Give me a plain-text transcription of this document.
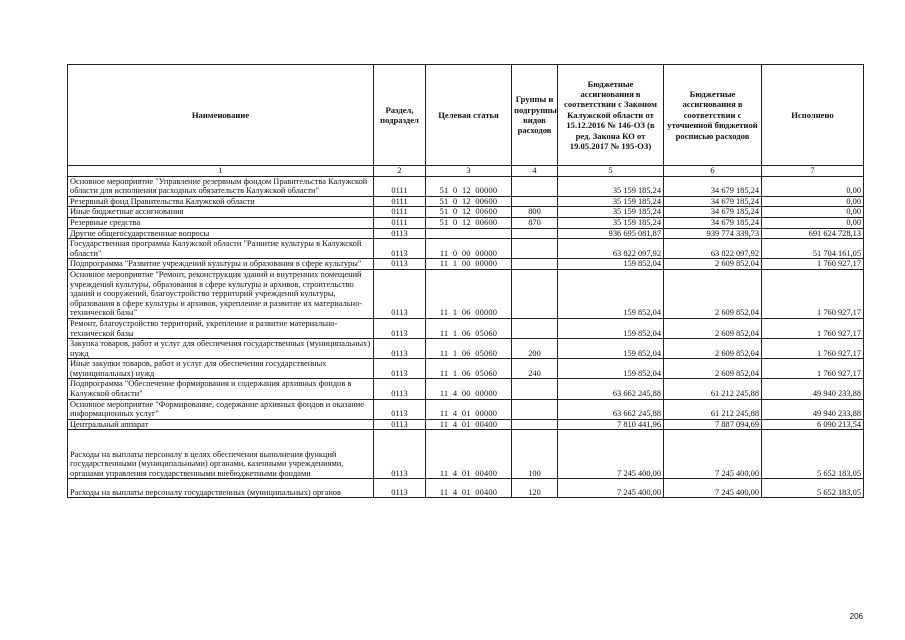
Наименование	Раздел, подраздел	Целевая статья	Группы и подгруппы видов расходов	Бюджетные ассигнования в соответствии с Законом Калужской области от 15.12.2016 № 146-ОЗ (в ред. Закона КО от 19.05.2017 № 195-ОЗ)	Бюджетные ассигнования в соответствии с уточненной бюджетной росписью расходов	Исполнено
1	2	3	4	5	6	7
Основное мероприятие "Управление резервным фондом Правительства Калужской области для исполнения расходных обязательств Калужской области"	0111	51  0  12  00000		35 159 185,24	34 679 185,24	0,00
Резервный фонд Правительства Калужской области	0111	51  0  12  00600		35 159 185,24	34 679 185,24	0,00
Иные бюджетные ассигнования	0111	51  0  12  00600	800	35 159 185,24	34 679 185,24	0,00
Резервные средства	0111	51  0  12  00600	870	35 159 185,24	34 679 185,24	0,00
Другие общегосударственные вопросы	0113			936 695 081,87	939 774 339,73	691 624 728,13
Государственная программа Калужской области "Развитие культуры в Калужской области"	0113	11  0  00  00000		63 822 097,92	63 822 097,92	51 704 161,05
Подпрограмма "Развитие учреждений культуры и образования в сфере культуры"	0113	11  1  00  00000		159 852,04	2 609 852,04	1 760 927,17
Основное мероприятие "Ремонт, реконструкция зданий и внутренних помещений учреждений культуры, образования в сфере культуры и архивов, строительство зданий и сооружений, благоустройство территорий учреждений культуры, образования в сфере культуры и архивов, укрепление и развитие их материально-технической базы"	0113	11  1  06  00000		159 852,04	2 609 852,04	1 760 927,17
Ремонт, благоустройство территорий, укрепление и развитие материально-технической базы	0113	11  1  06  05060		159 852,04	2 609 852,04	1 760 927,17
Закупка товаров, работ и услуг для обеспечения государственных (муниципальных) нужд	0113	11  1  06  05060	200	159 852,04	2 609 852,04	1 760 927,17
Иные закупки товаров, работ и услуг для обеспечения государственных (муниципальных) нужд	0113	11  1  06  05060	240	159 852,04	2 609 852,04	1 760 927,17
Подпрограмма "Обеспечение формирования и содержания архивных фондов в Калужской области"	0113	11  4  00  00000		63 662 245,88	61 212 245,88	49 940 233,88
Основное мероприятие "Формирование, содержание архивных фондов и оказание информационных услуг"	0113	11  4  01  00000		63 662 245,88	61 212 245,88	49 940 233,88
Центральный аппарат	0113	11  4  01  00400		7 810 441,96	7 887 094,69	6 090 213,54
Расходы на выплаты персоналу в целях обеспечения выполнения функций государственными (муниципальными) органами, казенными учреждениями, органами управления государственными внебюджетными фондами	0113	11  4  01  00400	100	7 245 400,00	7 245 400,00	5 652 183,05
Расходы на выплаты персоналу государственных (муниципальных) органов	0113	11  4  01  00400	120	7 245 400,00	7 245 400,00	5 652 183,05
206
